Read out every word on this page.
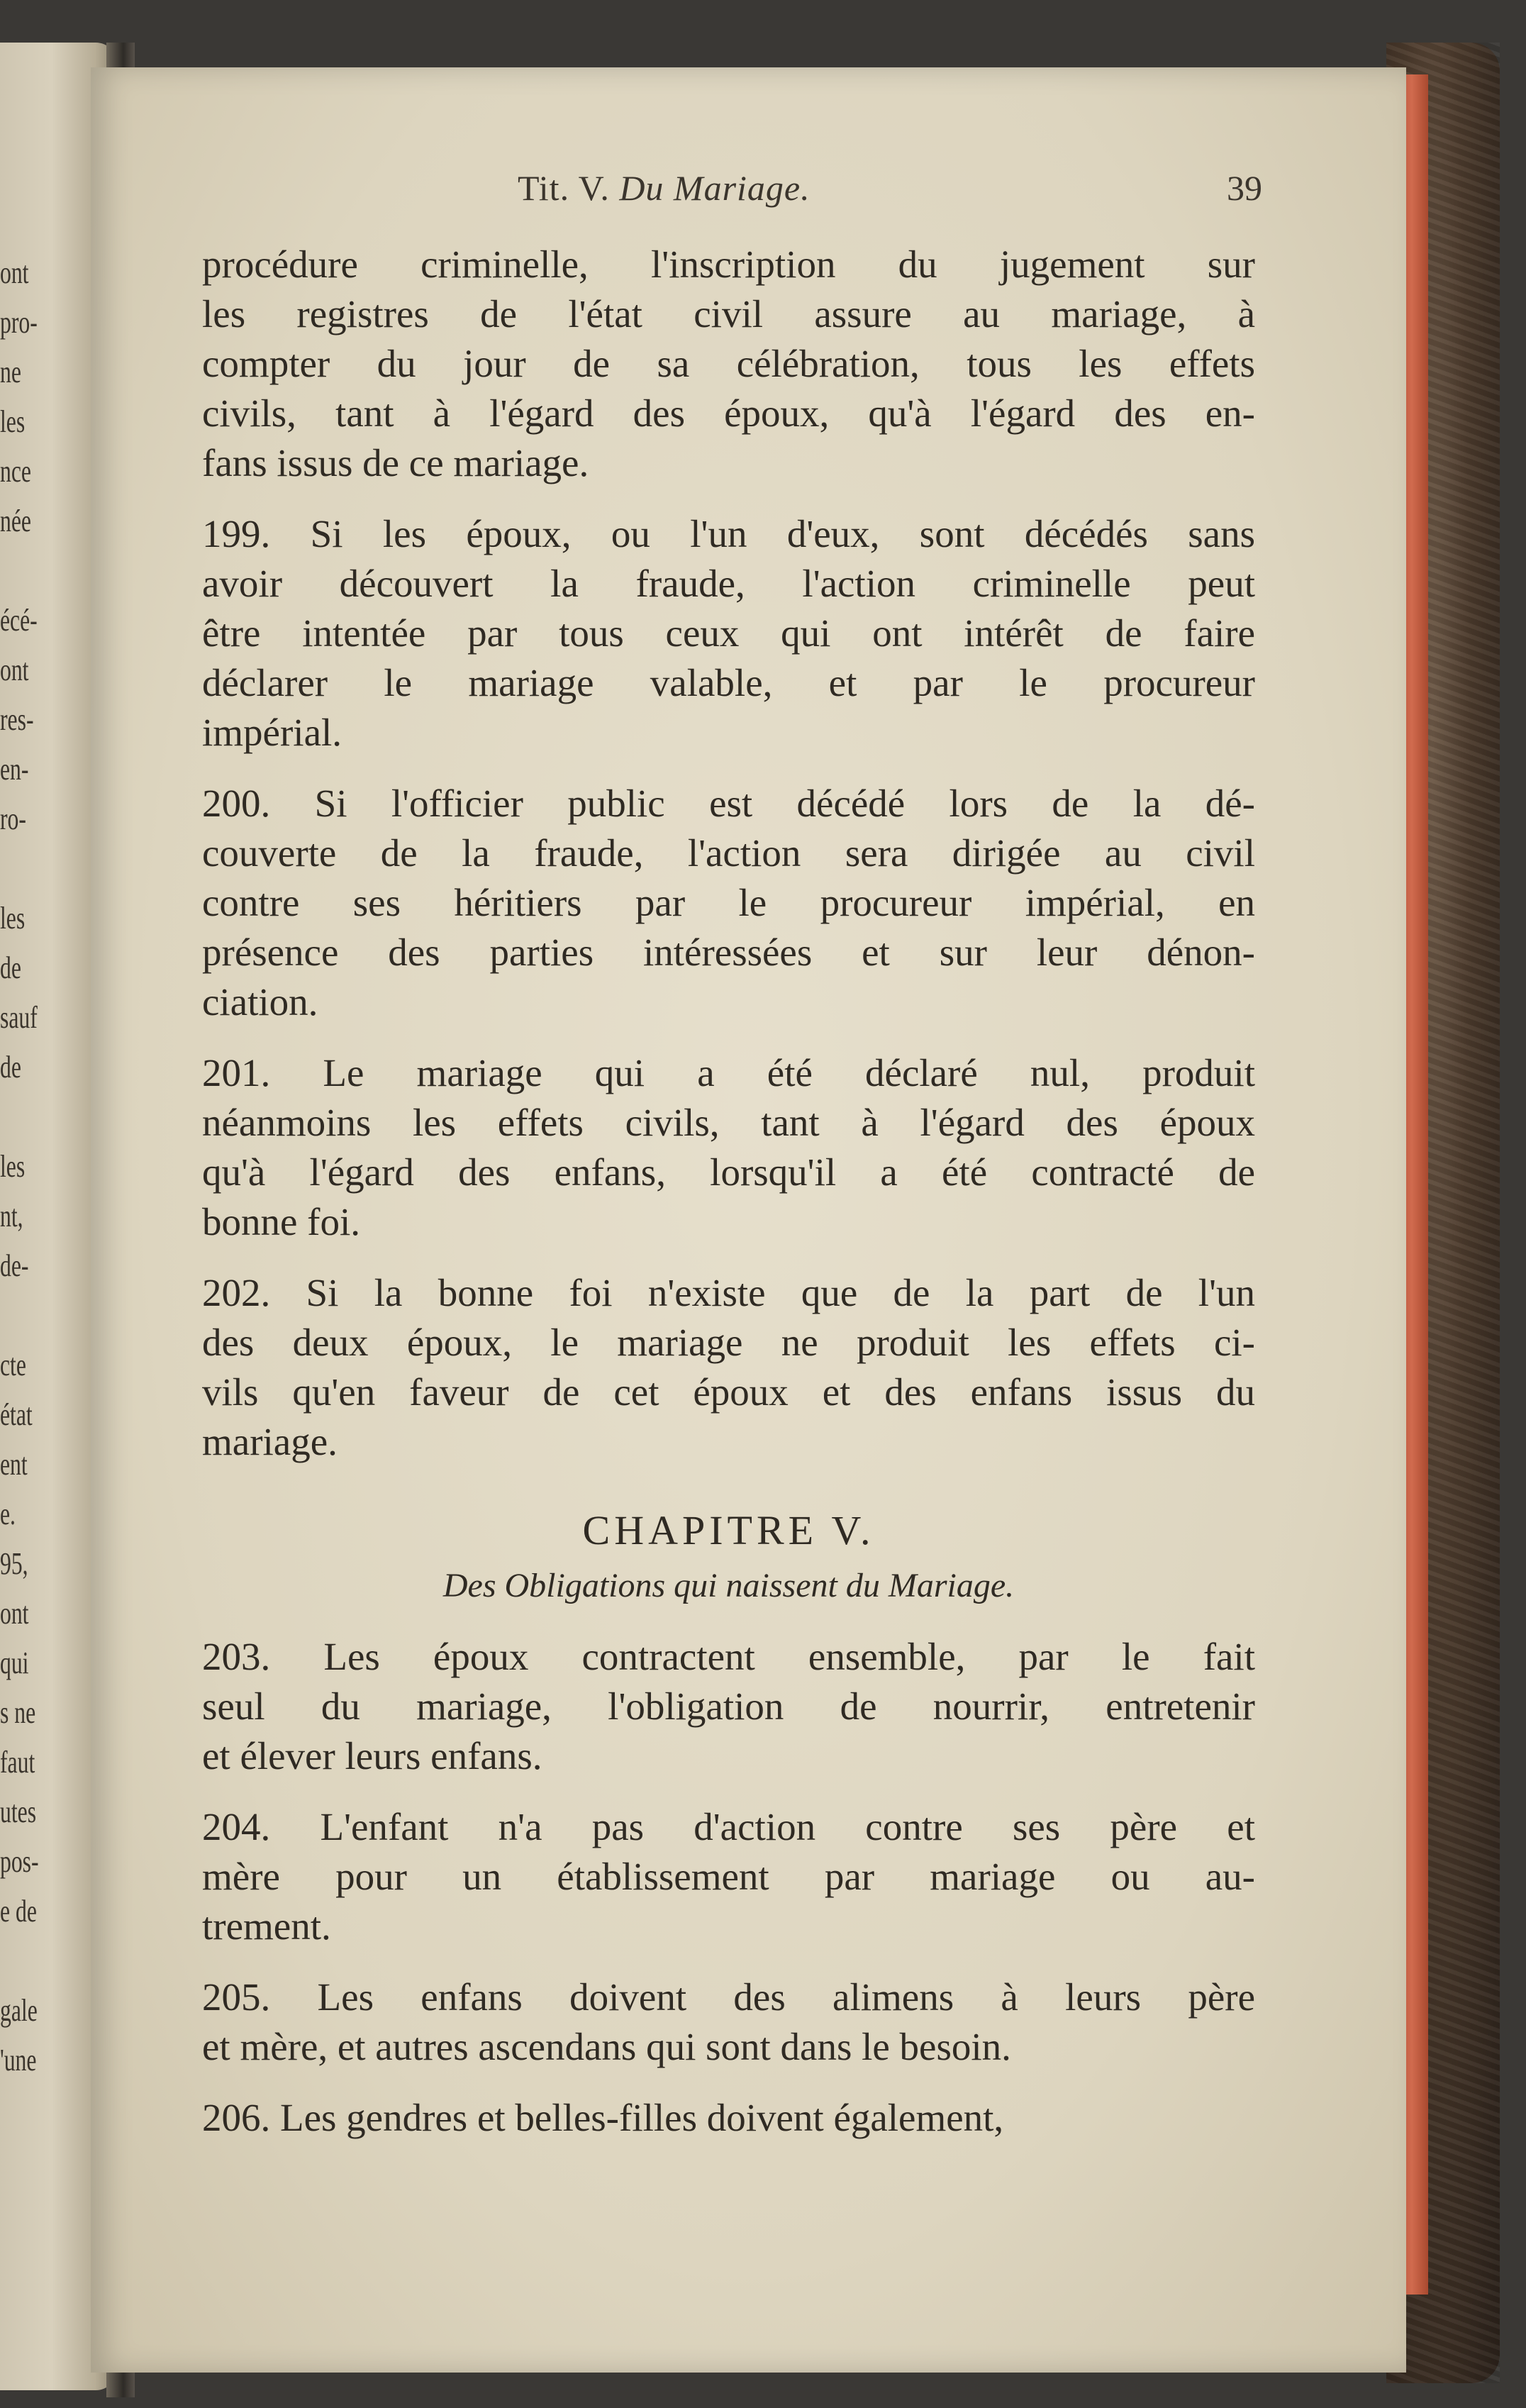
ont
pro-
ne
les
nce
née
écé-
ont
res-
en-
ro-
les
de
sauf
de
les
nt,
de-
cte
état
ent
e.
95,
ont
qui
s ne
faut
utes
pos-
e de
gale
'une
Tit. V. Du Mariage.	39

procédure criminelle, l'inscription du jugement sur
les registres de l'état civil assure au mariage, à
compter du jour de sa célébration, tous les effets
civils, tant à l'égard des époux, qu'à l'égard des en-
fans issus de ce mariage.

199. Si les époux, ou l'un d'eux, sont décédés sans
avoir découvert la fraude, l'action criminelle peut
être intentée par tous ceux qui ont intérêt de faire
déclarer le mariage valable, et par le procureur
impérial.

200. Si l'officier public est décédé lors de la dé-
couverte de la fraude, l'action sera dirigée au civil
contre ses héritiers par le procureur impérial, en
présence des parties intéressées et sur leur dénon-
ciation.

201. Le mariage qui a été déclaré nul, produit
néanmoins les effets civils, tant à l'égard des époux
qu'à l'égard des enfans, lorsqu'il a été contracté de
bonne foi.

202. Si la bonne foi n'existe que de la part de l'un
des deux époux, le mariage ne produit les effets ci-
vils qu'en faveur de cet époux et des enfans issus du
mariage.

CHAPITRE V.
Des Obligations qui naissent du Mariage.

203. Les époux contractent ensemble, par le fait
seul du mariage, l'obligation de nourrir, entretenir
et élever leurs enfans.

204. L'enfant n'a pas d'action contre ses père et
mère pour un établissement par mariage ou au-
trement.

205. Les enfans doivent des alimens à leurs père
et mère, et autres ascendans qui sont dans le besoin.

206. Les gendres et belles-filles doivent également,
